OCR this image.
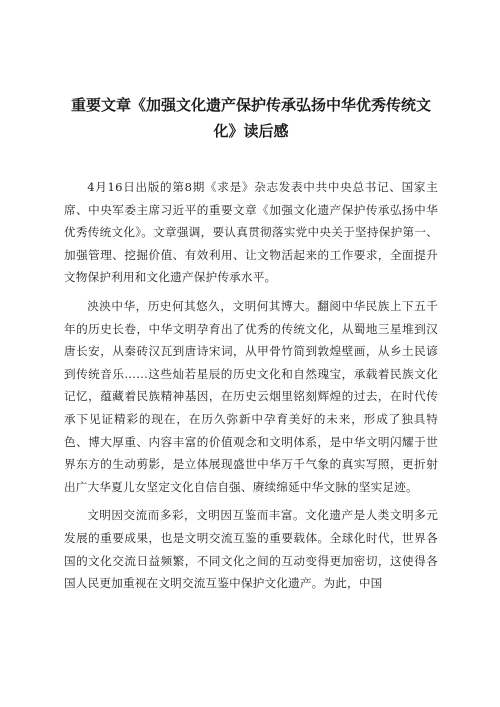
重要文章《加强文化遗产保护传承弘扬中华优秀传统文
化》读后感

4月16日出版的第8期《求是》杂志发表中共中央总书记、国家主席、中央军委主席习近平的重要文章《加强文化遗产保护传承弘扬中华优秀传统文化》。文章强调，要认真贯彻落实党中央关于坚持保护第一、加强管理、挖掘价值、有效利用、让文物活起来的工作要求，全面提升文物保护利用和文化遗产保护传承水平。

泱泱中华，历史何其悠久，文明何其博大。翻阅中华民族上下五千年的历史长卷，中华文明孕育出了优秀的传统文化，从蜀地三星堆到汉唐长安，从秦砖汉瓦到唐诗宋词，从甲骨竹简到敦煌壁画，从乡土民谚到传统音乐……这些灿若星辰的历史文化和自然瑰宝，承载着民族文化记忆，蕴藏着民族精神基因，在历史云烟里铭刻辉煌的过去，在时代传承下见证精彩的现在，在历久弥新中孕育美好的未来，形成了独具特色、博大厚重、内容丰富的价值观念和文明体系，是中华文明闪耀于世界东方的生动剪影，是立体展现盛世中华万千气象的真实写照，更折射出广大华夏儿女坚定文化自信自强、赓续绵延中华文脉的坚实足迹。

文明因交流而多彩，文明因互鉴而丰富。文化遗产是人类文明多元发展的重要成果，也是文明交流互鉴的重要载体。全球化时代，世界各国的文化交流日益频繁，不同文化之间的互动变得更加密切，这使得各国人民更加重视在文明交流互鉴中保护文化遗产。为此，中国
